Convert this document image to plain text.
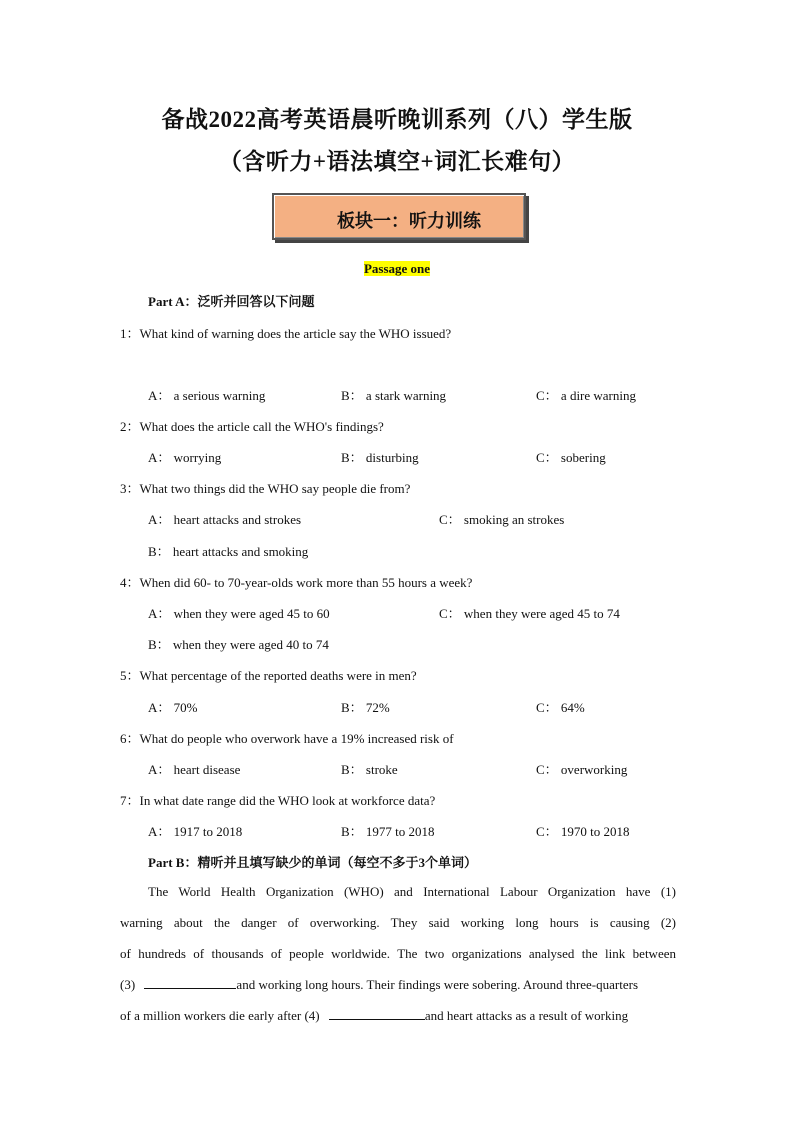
备战2022高考英语晨听晚训系列（八）学生版
（含听力+语法填空+词汇长难句）
板块一：听力训练
Passage one
Part A：泛听并回答以下问题
1：What kind of warning does the article say the WHO issued?
A： a serious warning	B： a stark warning	C： a dire warning
2：What does the article call the WHO's findings?
A： worrying	B： disturbing	C： sobering
3：What two things did the WHO say people die from?
A： heart attacks and strokes	C： smoking an strokes
B： heart attacks and smoking
4：When did 60- to 70-year-olds work more than 55 hours a week?
A： when they were aged 45 to 60	C： when they were aged 45 to 74
B： when they were aged 40 to 74
5：What percentage of the reported deaths were in men?
A： 70%	B： 72%	C： 64%
6：What do people who overwork have a 19% increased risk of
A： heart disease	B： stroke	C： overworking
7：In what date range did the WHO look at workforce data?
A： 1917 to 2018	B： 1977 to 2018	C： 1970 to 2018
Part B：精听并且填写缺少的单词（每空不多于3个单词）
The World Health Organization (WHO) and International Labour Organization have (1)
warning about the danger of overworking. They said working long hours is causing (2)
of hundreds of thousands of people worldwide. The two organizations analysed the link between
(3)	and working long hours. Their findings were sobering. Around three-quarters
of a million workers die early after (4)	and heart attacks as a result of working
